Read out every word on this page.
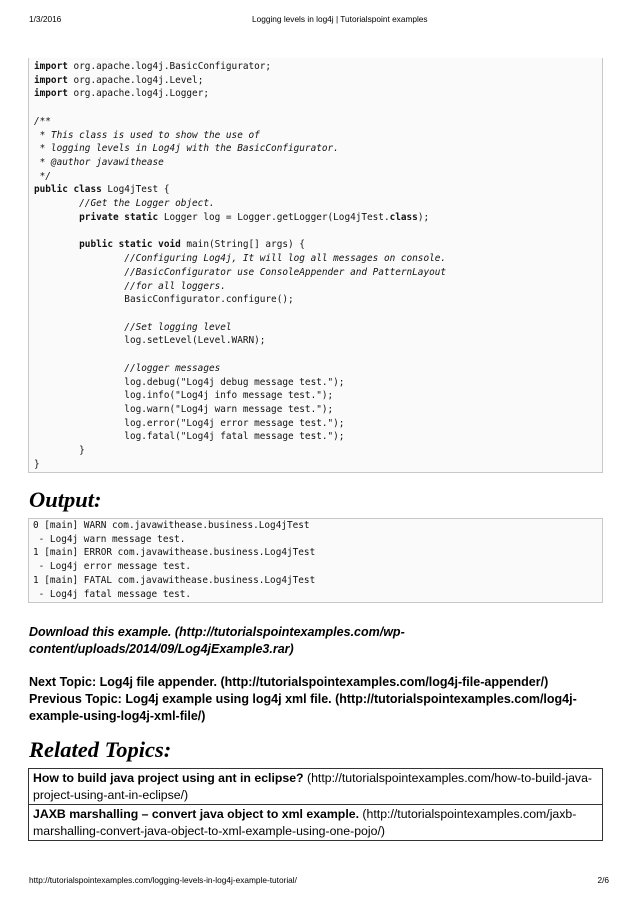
1/3/2016	Logging levels in log4j | Tutorialspoint examples
import org.apache.log4j.BasicConfigurator;
import org.apache.log4j.Level;
import org.apache.log4j.Logger;
/**
* This class is used to show the use of
* logging levels in Log4j with the BasicConfigurator.
* @author javawithease
*/
public class Log4jTest {
//Get the Logger object.
private static Logger log = Logger.getLogger(Log4jTest.class);
public static void main(String[] args) {
//Configuring Log4j, It will log all messages on console.
//BasicConfigurator use ConsoleAppender and PatternLayout
//for all loggers.
BasicConfigurator.configure();
//Set logging level
log.setLevel(Level.WARN);
//logger messages
log.debug("Log4j debug message test.");
log.info("Log4j info message test.");
log.warn("Log4j warn message test.");
log.error("Log4j error message test.");
log.fatal("Log4j fatal message test.");
}
}
Output:
0 [main] WARN com.javawithease.business.Log4jTest
- Log4j warn message test.
1 [main] ERROR com.javawithease.business.Log4jTest
- Log4j error message test.
1 [main] FATAL com.javawithease.business.Log4jTest
- Log4j fatal message test.
Download this example. (http://tutorialspointexamples.com/wp-
content/uploads/2014/09/Log4jExample3.rar)
Next Topic: Log4j file appender. (http://tutorialspointexamples.com/log4j-file-appender/)
Previous Topic: Log4j example using log4j xml file. (http://tutorialspointexamples.com/log4j-
example-using-log4j-xml-file/)
Related Topics:
How to build java project using ant in eclipse? (http://tutorialspointexamples.com/how-to-build-java-
project-using-ant-in-eclipse/)

JAXB marshalling – convert java object to xml example. (http://tutorialspointexamples.com/jaxb-
marshalling-convert-java-object-to-xml-example-using-one-pojo/)
http://tutorialspointexamples.com/logging-levels-in-log4j-example-tutorial/	2/6
